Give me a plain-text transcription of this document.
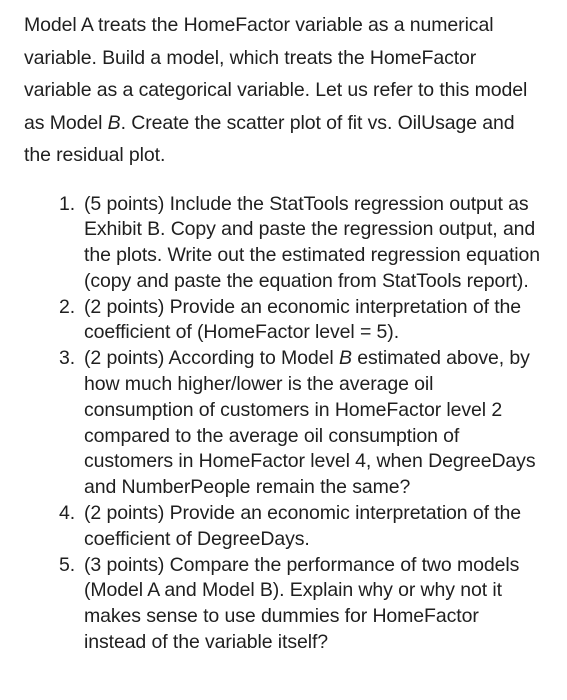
Model A treats the HomeFactor variable as a numerical variable. Build a model, which treats the HomeFactor variable as a categorical variable. Let us refer to this model as Model B. Create the scatter plot of fit vs. OilUsage and the residual plot.

1. (5 points) Include the StatTools regression output as Exhibit B. Copy and paste the regression output, and the plots. Write out the estimated regression equation (copy and paste the equation from StatTools report).
2. (2 points) Provide an economic interpretation of the coefficient of (HomeFactor level = 5).
3. (2 points) According to Model B estimated above, by how much higher/lower is the average oil consumption of customers in HomeFactor level 2 compared to the average oil consumption of customers in HomeFactor level 4, when DegreeDays and NumberPeople remain the same?
4. (2 points) Provide an economic interpretation of the coefficient of DegreeDays.
5. (3 points) Compare the performance of two models (Model A and Model B). Explain why or why not it makes sense to use dummies for HomeFactor instead of the variable itself?
